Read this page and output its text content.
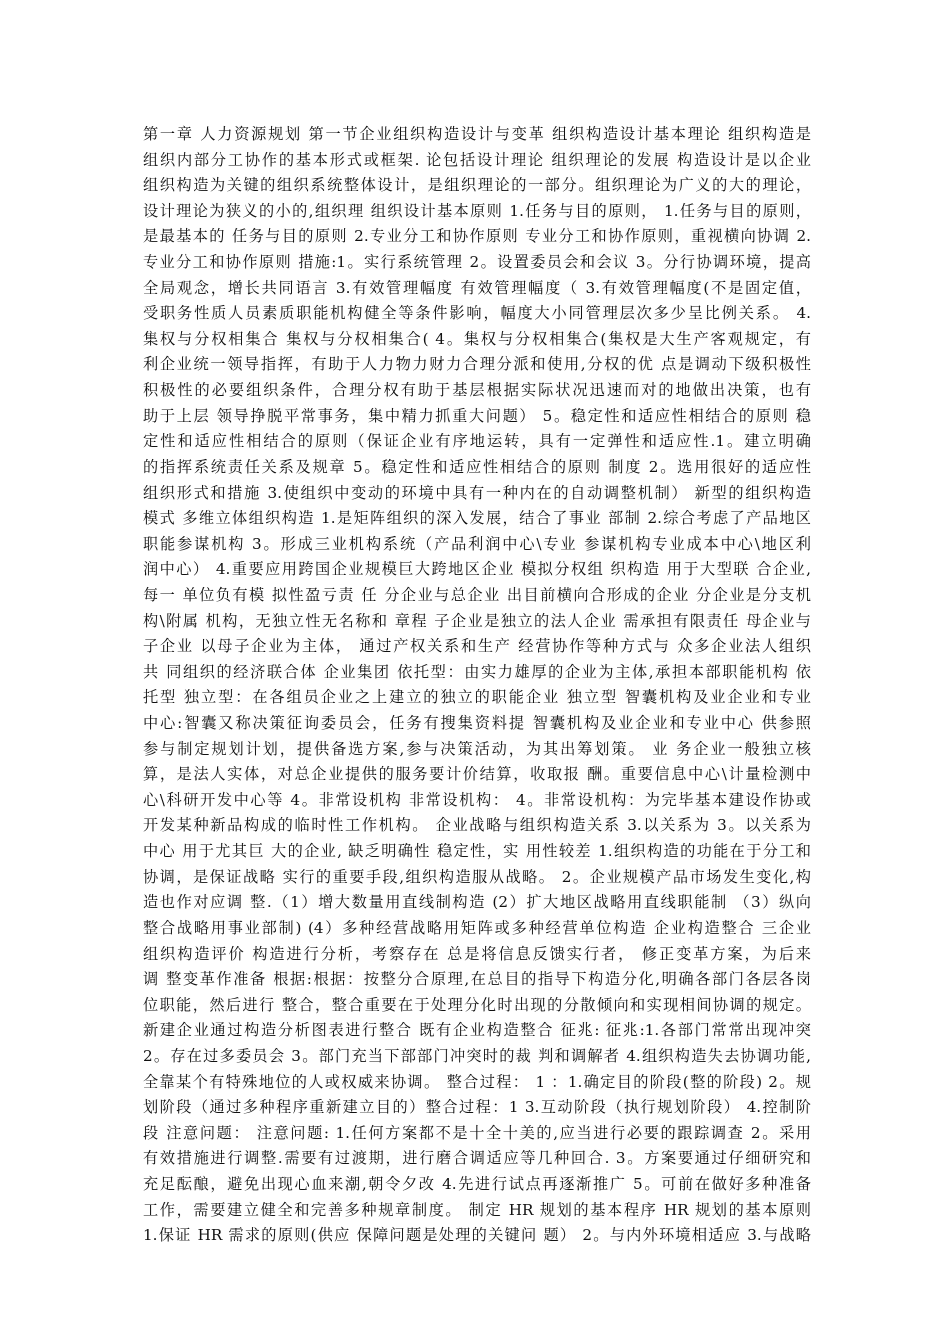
第一章 人力资源规划 第一节企业组织构造设计与变革 组织构造设计基本理论 组织构造是
组织内部分工协作的基本形式或框架. 论包括设计理论 组织理论的发展 构造设计是以企业
组织构造为关键的组织系统整体设计，是组织理论的一部分。组织理论为广义的大的理论，
设计理论为狭义的小的,组织理 组织设计基本原则 1.任务与目的原则， 1.任务与目的原则，
是最基本的 任务与目的原则 2.专业分工和协作原则 专业分工和协作原则，重视横向协调 2.
专业分工和协作原则 措施:1。实行系统管理 2。设置委员会和会议 3。分行协调环境，提高
全局观念，增长共同语言 3.有效管理幅度 有效管理幅度（ 3.有效管理幅度(不是固定值，
受职务性质人员素质职能机构健全等条件影响，幅度大小同管理层次多少呈比例关系。 4.
集权与分权相集合 集权与分权相集合( 4。集权与分权相集合(集权是大生产客观规定，有
利企业统一领导指挥，有助于人力物力财力合理分派和使用,分权的优 点是调动下级积极性
积极性的必要组织条件，合理分权有助于基层根据实际状况迅速而对的地做出决策，也有
助于上层 领导挣脱平常事务，集中精力抓重大问题） 5。稳定性和适应性相结合的原则 稳
定性和适应性相结合的原则（保证企业有序地运转，具有一定弹性和适应性.1。建立明确
的指挥系统责任关系及规章 5。稳定性和适应性相结合的原则 制度 2。选用很好的适应性
组织形式和措施 3.使组织中变动的环境中具有一种内在的自动调整机制） 新型的组织构造
模式 多维立体组织构造 1.是矩阵组织的深入发展，结合了事业 部制 2.综合考虑了产品地区
职能参谋机构 3。形成三业机构系统（产品利润中心\专业 参谋机构专业成本中心\地区利
润中心） 4.重要应用跨国企业规模巨大跨地区企业 模拟分权组 织构造 用于大型联 合企业,
每一 单位负有模 拟性盈亏责 任 分企业与总企业 出目前横向合形成的企业 分企业是分支机
构\附属 机构，无独立性无名称和 章程 子企业是独立的法人企业 需承担有限责任 母企业与
子企业 以母子企业为主体， 通过产权关系和生产 经营协作等种方式与 众多企业法人组织
共 同组织的经济联合体 企业集团 依托型：由实力雄厚的企业为主体,承担本部职能机构 依
托型 独立型：在各组员企业之上建立的独立的职能企业 独立型 智囊机构及业企业和专业
中心:智囊又称决策征询委员会，任务有搜集资料提 智囊机构及业企业和专业中心 供参照
参与制定规划计划，提供备选方案,参与决策活动，为其出筹划策。 业 务企业一般独立核
算，是法人实体，对总企业提供的服务要计价结算，收取报 酬。重要信息中心\计量检测中
心\科研开发中心等 4。非常设机构 非常设机构： 4。非常设机构：为完毕基本建设作协或
开发某种新品构成的临时性工作机构。 企业战略与组织构造关系 3.以关系为 3。以关系为
中心 用于尤其巨 大的企业, 缺乏明确性 稳定性，实 用性较差 1.组织构造的功能在于分工和
协调，是保证战略 实行的重要手段,组织构造服从战略。 2。企业规模产品市场发生变化,构
造也作对应调 整.（1）增大数量用直线制构造 (2）扩大地区战略用直线职能制 （3）纵向
整合战略用事业部制) (4）多种经营战略用矩阵或多种经营单位构造 企业构造整合 三企业
组织构造评价 构造进行分析，考察存在 总是将信息反馈实行者， 修正变革方案，为后来
调 整变革作准备 根据:根据：按整分合原理,在总目的指导下构造分化,明确各部门各层各岗
位职能，然后进行 整合，整合重要在于处理分化时出现的分散倾向和实现相间协调的规定。
新建企业通过构造分析图表进行整合 既有企业构造整合 征兆: 征兆:1.各部门常常出现冲突
2。存在过多委员会 3。部门充当下部部门冲突时的裁 判和调解者 4.组织构造失去协调功能,
全靠某个有特殊地位的人或权威来协调。 整合过程： 1 ：1.确定目的阶段(整的阶段) 2。规
划阶段（通过多种程序重新建立目的）整合过程：1 3.互动阶段（执行规划阶段） 4.控制阶
段 注意问题： 注意问题: 1.任何方案都不是十全十美的,应当进行必要的跟踪调查 2。采用
有效措施进行调整.需要有过渡期，进行磨合调适应等几种回合. 3。方案要通过仔细研究和
充足酝酿，避免出现心血来潮,朝令夕改 4.先进行试点再逐渐推广 5。可前在做好多种准备
工作，需要建立健全和完善多种规章制度。 制定 HR 规划的基本程序 HR 规划的基本原则
1.保证 HR 需求的原则(供应 保障问题是处理的关键问 题） 2。与内外环境相适应 3.与战略
